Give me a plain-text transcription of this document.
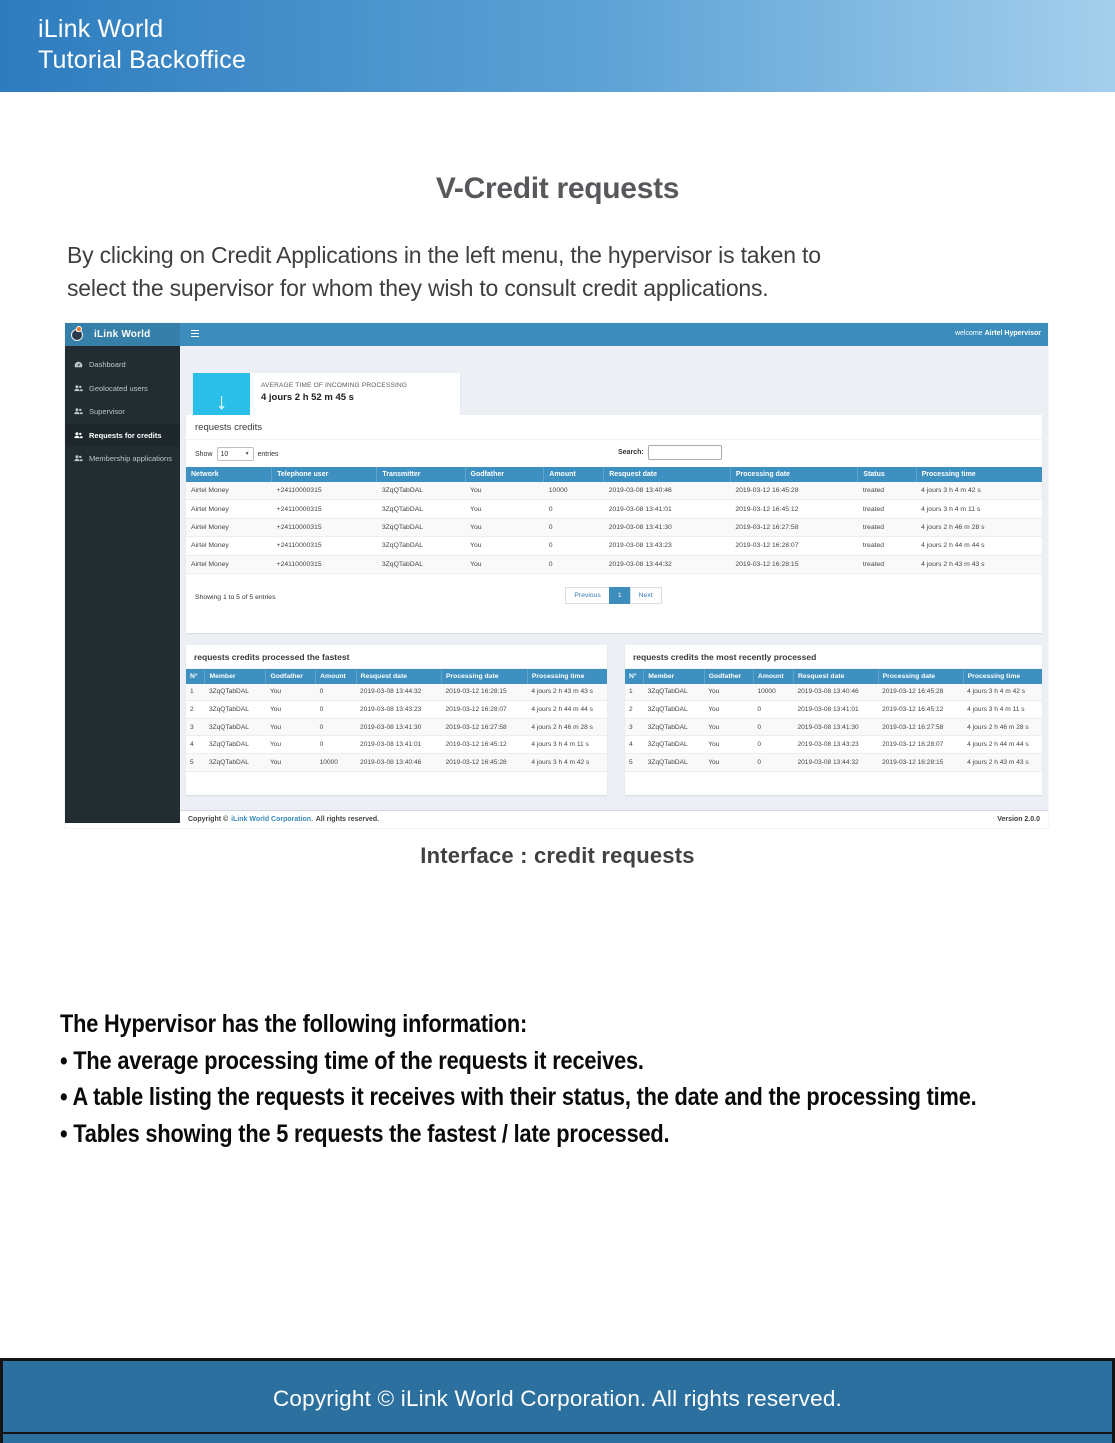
iLink World
Tutorial Backoffice
V-Credit requests

By clicking on Credit Applications in the left menu, the hypervisor is taken to
select the supervisor for whom they wish to consult credit applications.

iLink World	welcome Airtel Hypervisor
Dashboard
Geolocated users
Supervisor
Requests for credits
Membership applications
↓
AVERAGE TIME OF INCOMING PROCESSING
4 jours 2 h 52 m 45 s
requests credits
Show 10	▼ entries	Search:
Network	Telephone user	Transmitter	Godfather	Amount	Resquest date	Processing date	Status	Processing time
Airtel Money	+24110000315	3ZqQTabDAL	You	10000	2019-03-08 13:40:46	2019-03-12 16:45:28	treated	4 jours 3 h 4 m 42 s
Airtel Money	+24110000315	3ZqQTabDAL	You	0	2019-03-08 13:41:01	2019-03-12 16:45:12	treated	4 jours 3 h 4 m 11 s
Airtel Money	+24110000315	3ZqQTabDAL	You	0	2019-03-08 13:41:30	2019-03-12 16:27:58	treated	4 jours 2 h 46 m 28 s
Airtel Money	+24110000315	3ZqQTabDAL	You	0	2019-03-08 13:43:23	2019-03-12 16:28:07	treated	4 jours 2 h 44 m 44 s
Airtel Money	+24110000315	3ZqQTabDAL	You	0	2019-03-08 13:44:32	2019-03-12 16:28:15	treated	4 jours 2 h 43 m 43 s
Showing 1 to 5 of 5 entries	Previous	1	Next
requests credits processed the fastest
N°	Member	Godfather	Amount	Resquest date	Processing date	Processing time
1	3ZqQTabDAL	You	0	2019-03-08 13:44:32	2019-03-12 16:28:15	4 jours 2 h 43 m 43 s
2	3ZqQTabDAL	You	0	2019-03-08 13:43:23	2019-03-12 16:28:07	4 jours 2 h 44 m 44 s
3	3ZqQTabDAL	You	0	2019-03-08 13:41:30	2019-03-12 16:27:58	4 jours 2 h 46 m 28 s
4	3ZqQTabDAL	You	0	2019-03-08 13:41:01	2019-03-12 16:45:12	4 jours 3 h 4 m 11 s
5	3ZqQTabDAL	You	10000	2019-03-08 13:40:46	2019-03-12 16:45:28	4 jours 3 h 4 m 42 s
requests credits the most recently processed
N°	Member	Godfather	Amount	Resquest date	Processing date	Processing time
1	3ZqQTabDAL	You	10000	2019-03-08 13:40:46	2019-03-12 16:45:28	4 jours 3 h 4 m 42 s
2	3ZqQTabDAL	You	0	2019-03-08 13:41:01	2019-03-12 16:45:12	4 jours 3 h 4 m 11 s
3	3ZqQTabDAL	You	0	2019-03-08 13:41:30	2019-03-12 16:27:58	4 jours 2 h 46 m 28 s
4	3ZqQTabDAL	You	0	2019-03-08 13:43:23	2019-03-12 16:28:07	4 jours 2 h 44 m 44 s
5	3ZqQTabDAL	You	0	2019-03-08 13:44:32	2019-03-12 16:28:15	4 jours 2 h 43 m 43 s
Copyright © iLink World Corporation. All rights reserved.	Version 2.0.0
Interface : credit requests
The Hypervisor has the following information:
• The average processing time of the requests it receives.
• A table listing the requests it receives with their status, the date and the processing time.
• Tables showing the 5 requests the fastest / late processed.
Copyright © iLink World Corporation. All rights reserved.
